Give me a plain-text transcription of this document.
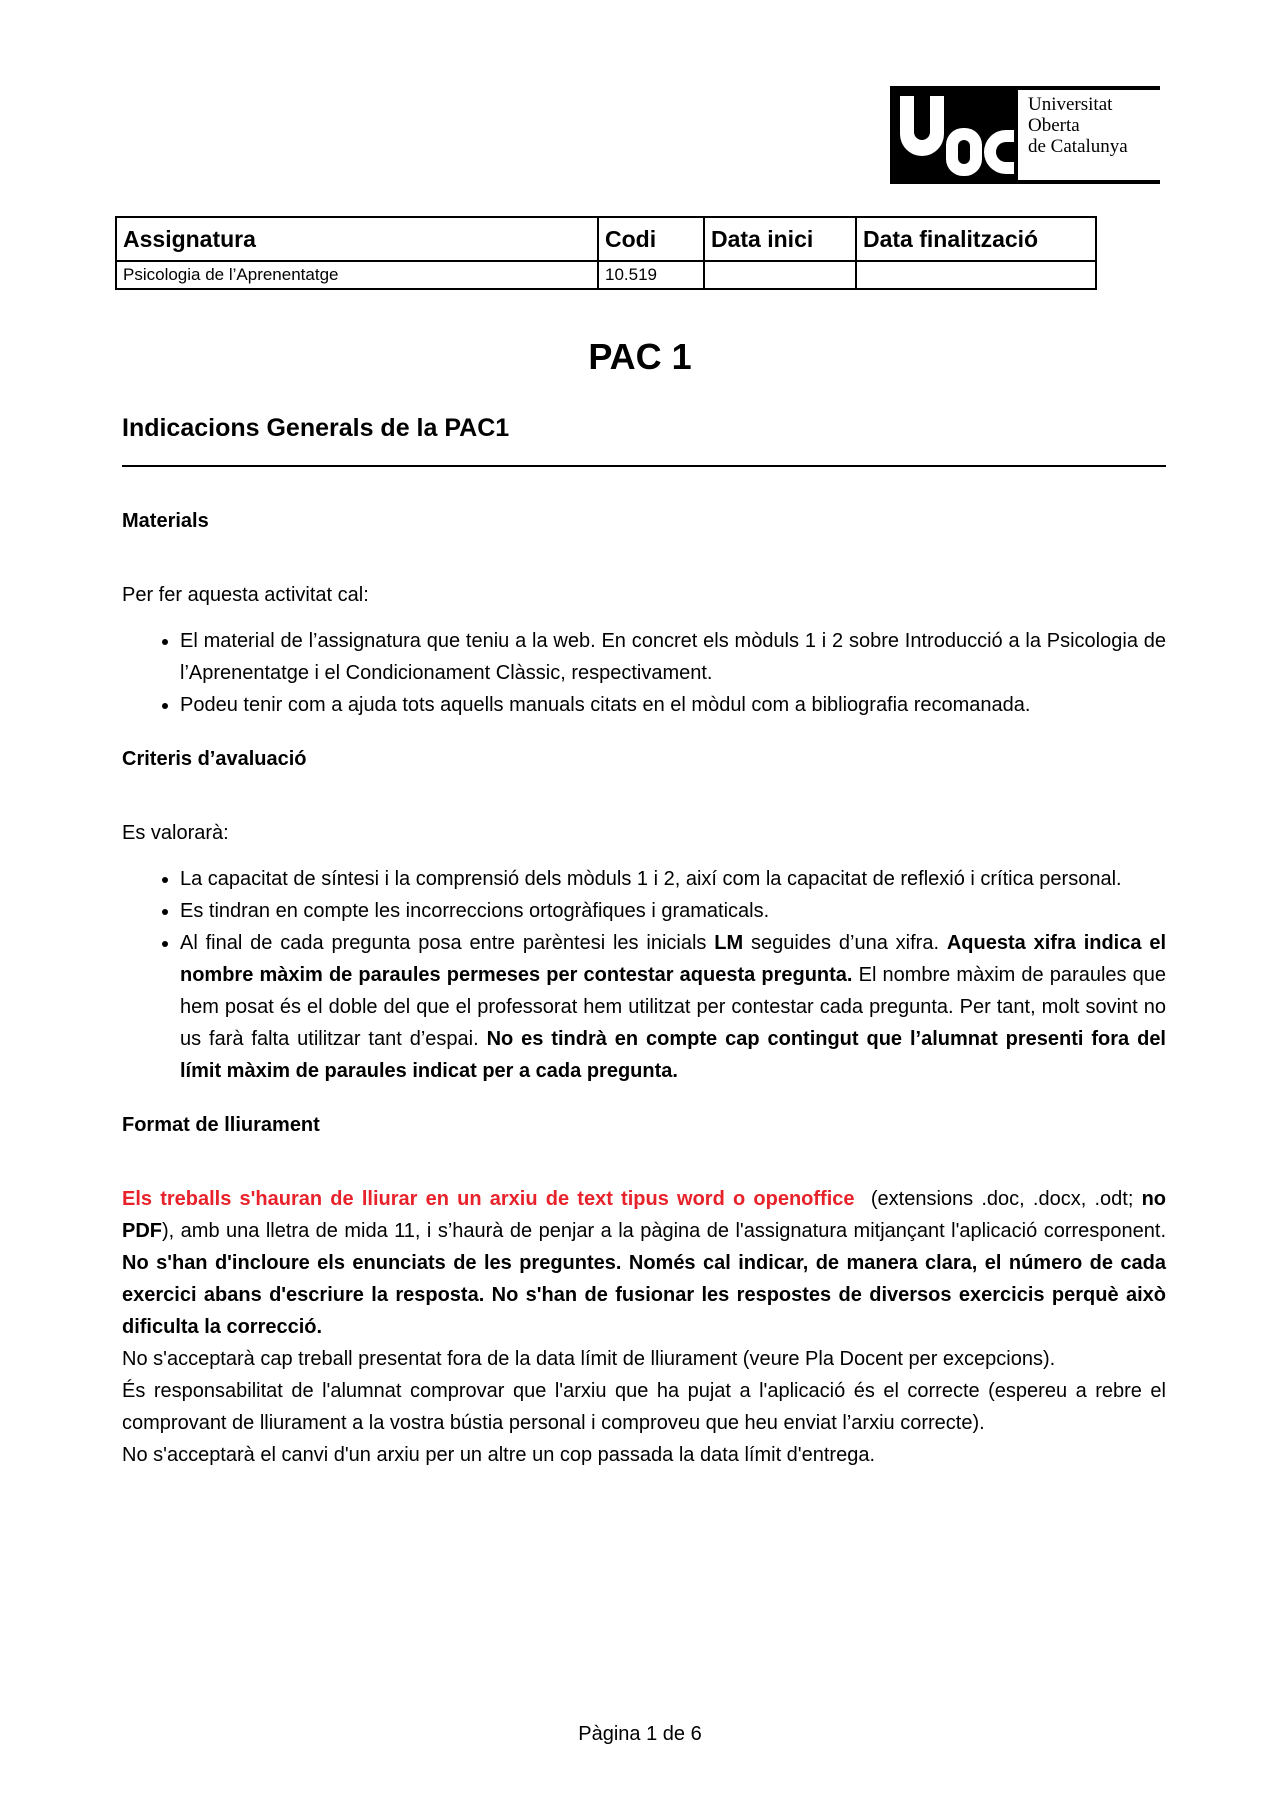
Universitat
Oberta
de Catalunya
Assignatura	Codi	Data inici	Data finalització
Psicologia de l’Aprenentatge	10.519		
PAC 1
Indicacions Generals de la PAC1
Materials

Per fer aquesta activitat cal:

• El material de l’assignatura que teniu a la web. En concret els mòduls 1 i 2 sobre Introducció a la Psicologia de l’Aprenentatge i el Condicionament Clàssic, respectivament.
• Podeu tenir com a ajuda tots aquells manuals citats en el mòdul com a bibliografia recomanada.
Criteris d’avaluació

Es valorarà:

• La capacitat de síntesi i la comprensió dels mòduls 1 i 2, així com la capacitat de reflexió i crítica personal.
• Es tindran en compte les incorreccions ortogràfiques i gramaticals.
• Al final de cada pregunta posa entre parèntesi les inicials LM seguides d’una xifra. Aquesta xifra indica el nombre màxim de paraules permeses per contestar aquesta pregunta. El nombre màxim de paraules que hem posat és el doble del que el professorat hem utilitzat per contestar cada pregunta. Per tant, molt sovint no us farà falta utilitzar tant d’espai. No es tindrà en compte cap contingut que l’alumnat presenti fora del límit màxim de paraules indicat per a cada pregunta.
Format de lliurament

Els treballs s'hauran de lliurar en un arxiu de text tipus word o openoffice  (extensions .doc, .docx, .odt; no PDF), amb una lletra de mida 11, i s’haurà de penjar a la pàgina de l'assignatura mitjançant l'aplicació corresponent. No s'han d'incloure els enunciats de les preguntes. Només cal indicar, de manera clara, el número de cada exercici abans d'escriure la resposta. No s'han de fusionar les respostes de diversos exercicis perquè això dificulta la correcció.

No s'acceptarà cap treball presentat fora de la data límit de lliurament (veure Pla Docent per excepcions).

És responsabilitat de l'alumnat comprovar que l'arxiu que ha pujat a l'aplicació és el correcte (espereu a rebre el comprovant de lliurament a la vostra bústia personal i comproveu que heu enviat l’arxiu correcte).

No s'acceptarà el canvi d'un arxiu per un altre un cop passada la data límit d'entrega.

Pàgina 1 de 6
